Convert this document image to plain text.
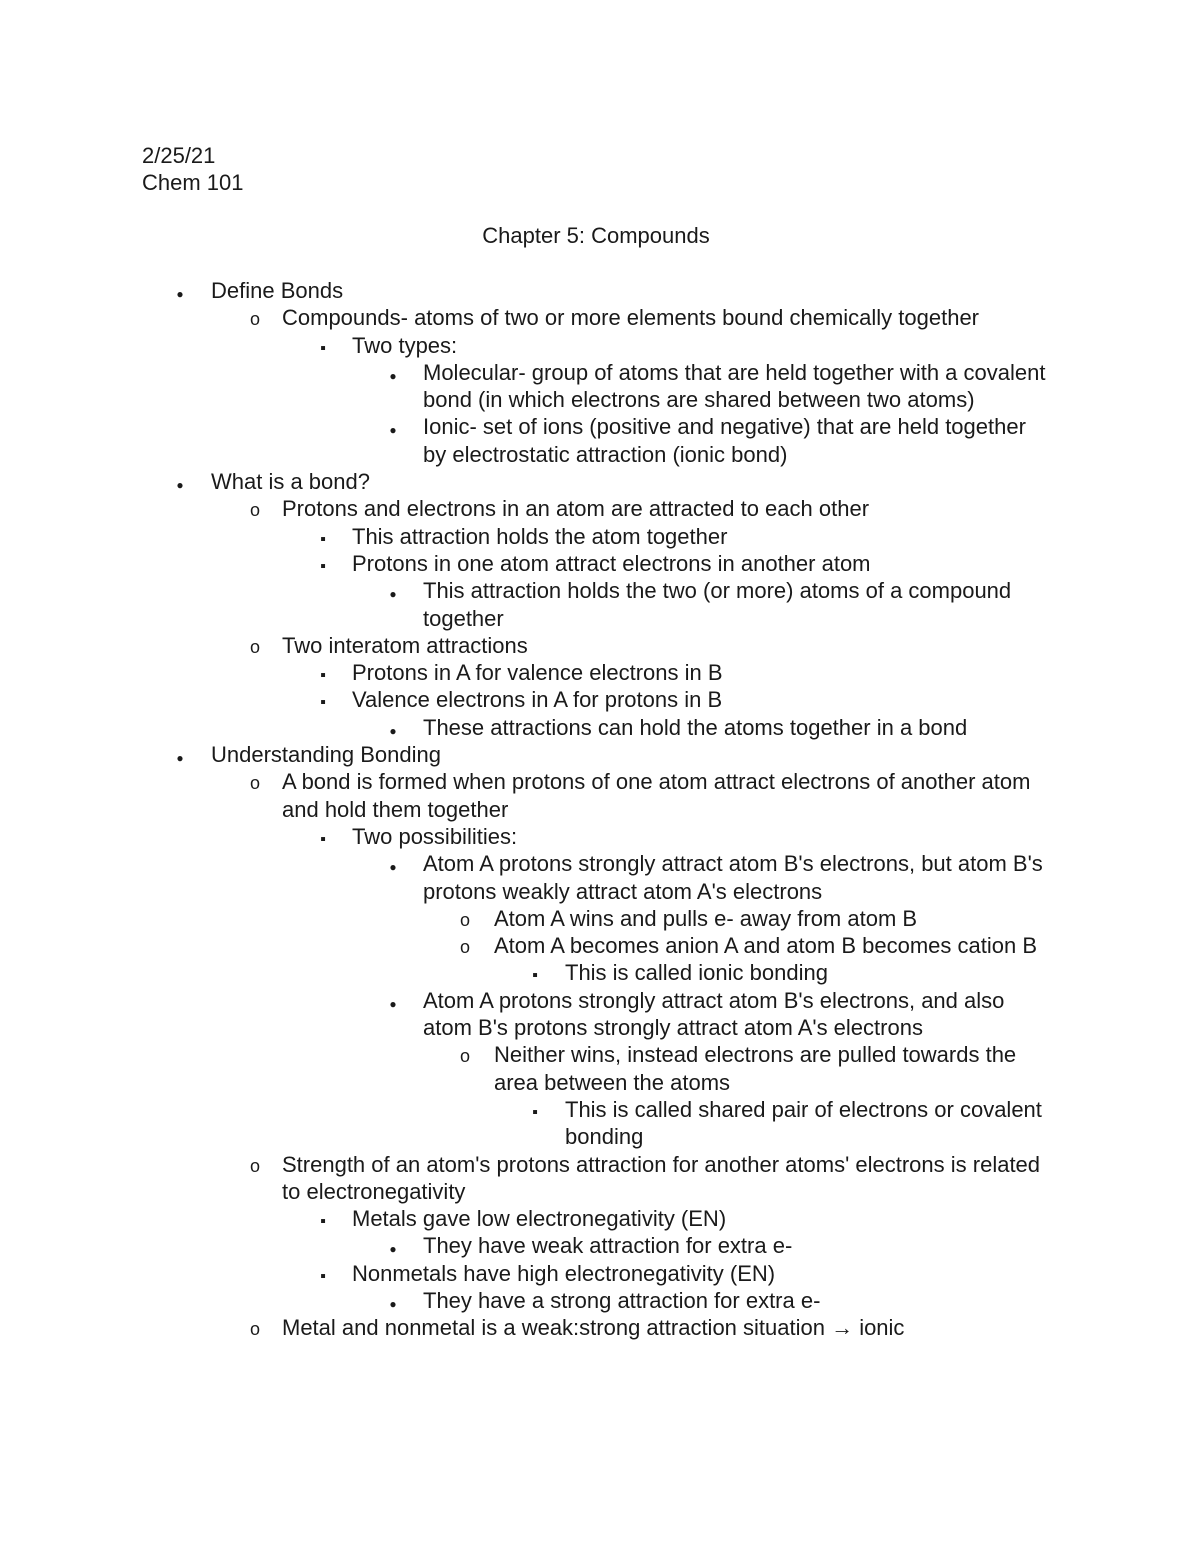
2/25/21
Chem 101
Chapter 5: Compounds
●
Define Bonds
o
Compounds- atoms of two or more elements bound chemically together
▪
Two types:
●
Molecular- group of atoms that are held together with a covalent bond (in which electrons are shared between two atoms)
●
Ionic- set of ions (positive and negative) that are held together by electrostatic attraction (ionic bond)
●
What is a bond?
o
Protons and electrons in an atom are attracted to each other
▪
This attraction holds the atom together
▪
Protons in one atom attract electrons in another atom
●
This attraction holds the two (or more) atoms of a compound together
o
Two interatom attractions
▪
Protons in A for valence electrons in B
▪
Valence electrons in A for protons in B
●
These attractions can hold the atoms together in a bond
●
Understanding Bonding
o
A bond is formed when protons of one atom attract electrons of another atom and hold them together
▪
Two possibilities:
●
Atom A protons strongly attract atom B's electrons, but atom B's protons weakly attract atom A's electrons
o
Atom A wins and pulls e- away from atom B
o
Atom A becomes anion A and atom B becomes cation B
▪
This is called ionic bonding
●
Atom A protons strongly attract atom B's electrons, and also atom B's protons strongly attract atom A's electrons
o
Neither wins, instead electrons are pulled towards the area between the atoms
▪
This is called shared pair of electrons or covalent bonding
o
Strength of an atom's protons attraction for another atoms' electrons is related to electronegativity
▪
Metals gave low electronegativity (EN)
●
They have weak attraction for extra e-
▪
Nonmetals have high electronegativity (EN)
●
They have a strong attraction for extra e-
o
Metal and nonmetal is a weak:strong attraction situation → ionic
